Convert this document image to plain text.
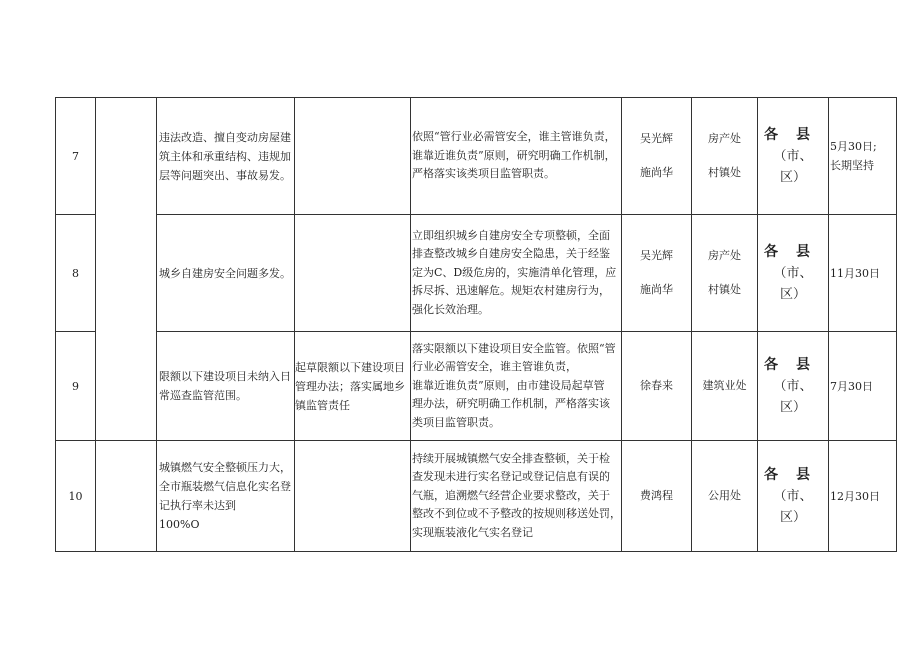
7		违法改造、擅自变动房屋建
筑主体和承重结构、违规加
层等问题突出、事故易发。		依照“管行业必需管安全，谁主管谁负责，
谁靠近谁负责”原则，研究明确工作机制，
严格落实该类项目监管职责。	吴光辉
施尚华	房产处
村镇处	各县
（市、
区）	5月30日;
长期坚持

8		城乡自建房安全问题多发。		立即组织城乡自建房安全专项整顿，全面
排查整改城乡自建房安全隐患，关于经鉴
定为C、D级危房的，实施清单化管理，应
拆尽拆、迅速解危。规矩农村建房行为，
强化长效治理。	吴光辉
施尚华	房产处
村镇处	各县
（市、
区）	11月30日

9		限额以下建设项目未纳入日
常巡查监管范围。	起草限额以下建设项目
管理办法；落实属地乡
镇监管责任	落实限额以下建设项目安全监管。依照“管
行业必需管安全，谁主管谁负责，
谁靠近谁负责”原则，由市建设局起草管
理办法，研究明确工作机制，严格落实该
类项目监管职责。	徐春来	建筑业处	各县
（市、
区）	7月30日

10		城镇燃气安全整顿压力大，
全市瓶装燃气信息化实名登
记执行率未达到
100%O		持续开展城镇燃气安全排查整顿，关于检
查发现未进行实名登记或登记信息有误的
气瓶，追溯燃气经营企业要求整改，关于
整改不到位或不予整改的按规则移送处罚，
实现瓶装液化气实名登记	费鸿程	公用处	各县
（市、
区）	12月30日
